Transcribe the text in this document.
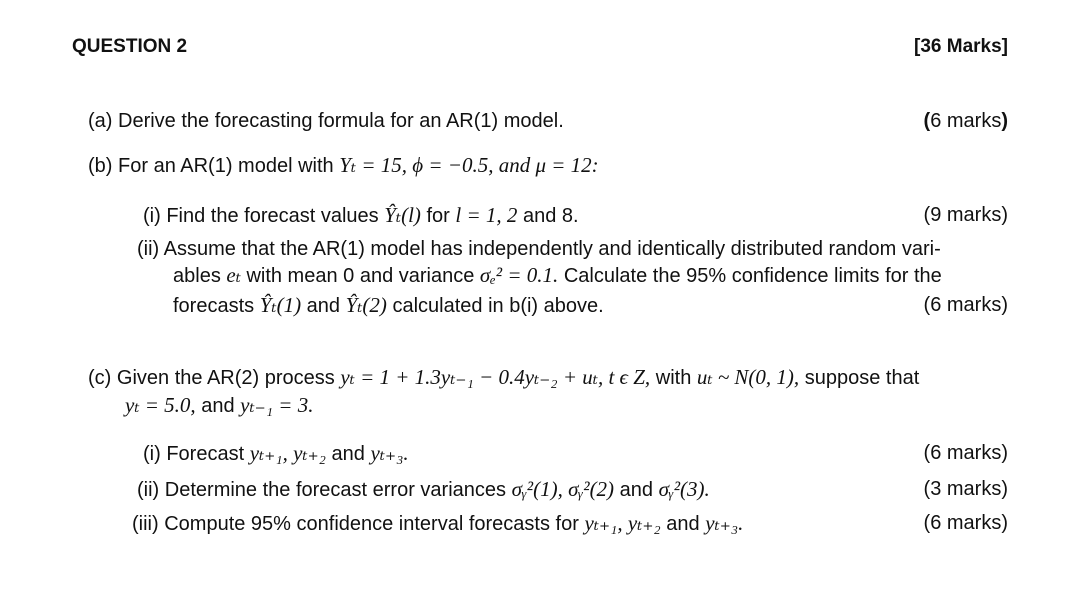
QUESTION 2	[36 Marks]
(a) Derive the forecasting formula for an AR(1) model.	(6 marks)
(b) For an AR(1) model with Yₜ = 15, ϕ = −0.5, and μ = 12:
(i) Find the forecast values Ŷₜ(l) for l = 1, 2 and 8.	(9 marks)
(ii) Assume that the AR(1) model has independently and identically distributed random vari-
ables eₜ with mean 0 and variance σₑ² = 0.1. Calculate the 95% confidence limits for the
forecasts Ŷₜ(1) and Ŷₜ(2) calculated in b(i) above.	(6 marks)
(c) Given the AR(2) process yₜ = 1 + 1.3yₜ₋₁ − 0.4yₜ₋₂ + uₜ, t ϵ Z, with uₜ ~ N(0, 1), suppose that
yₜ = 5.0, and yₜ₋₁ = 3.
(i) Forecast yₜ₊₁, yₜ₊₂ and yₜ₊₃.	(6 marks)
(ii) Determine the forecast error variances σᵧ²(1), σᵧ²(2) and σᵧ²(3).	(3 marks)
(iii) Compute 95% confidence interval forecasts for yₜ₊₁, yₜ₊₂ and yₜ₊₃.	(6 marks)
